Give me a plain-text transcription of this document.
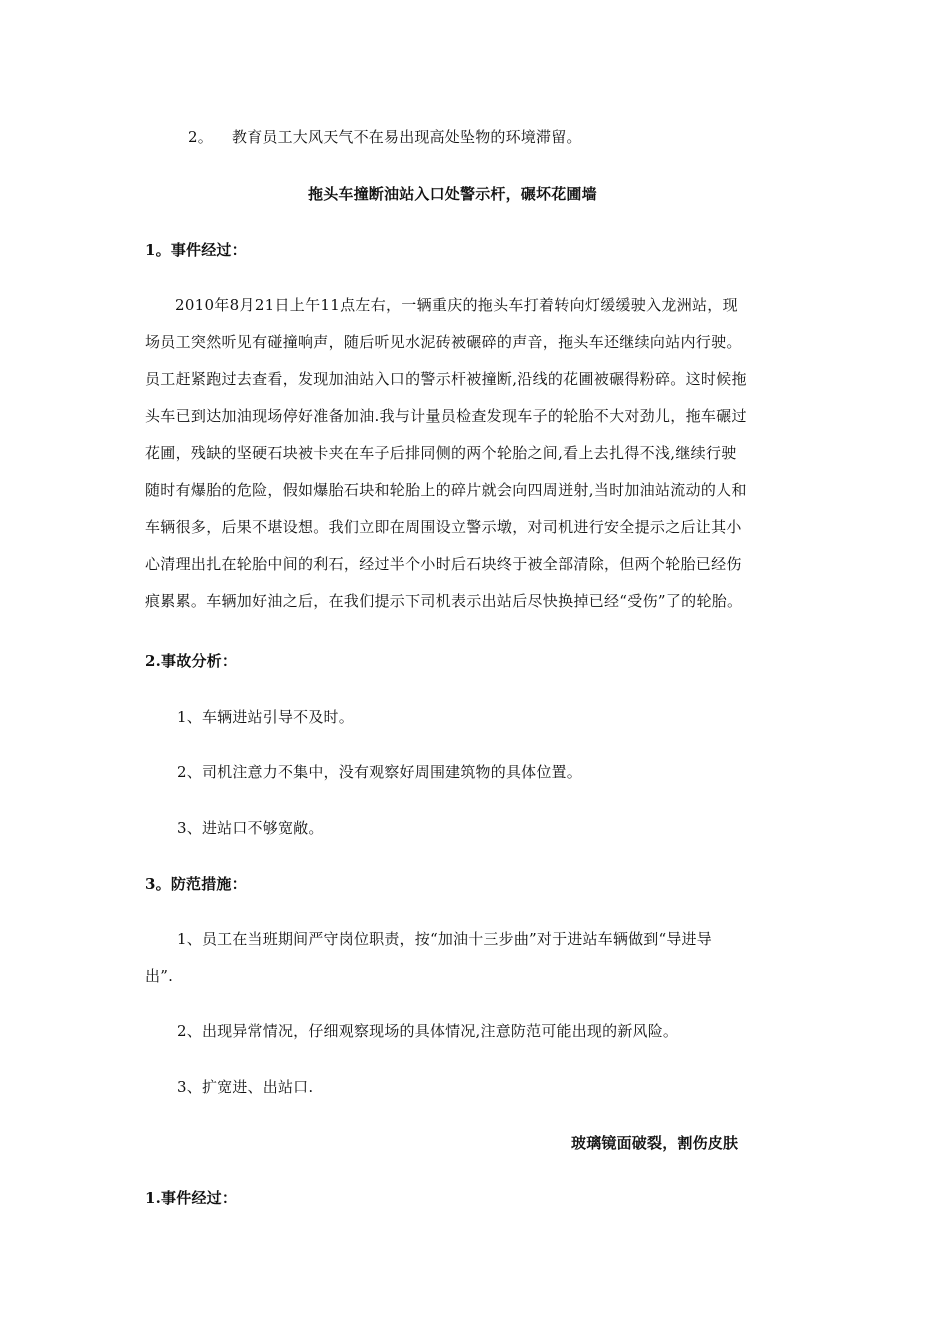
2。 教育员工大风天气不在易出现高处坠物的环境滞留。
拖头车撞断油站入口处警示杆，碾坏花圃墙
1。事件经过：
2010年8月21日上午11点左右，一辆重庆的拖头车打着转向灯缓缓驶入龙洲站，现
场员工突然听见有碰撞响声，随后听见水泥砖被碾碎的声音，拖头车还继续向站内行驶。
员工赶紧跑过去查看，发现加油站入口的警示杆被撞断,沿线的花圃被碾得粉碎。这时候拖
头车已到达加油现场停好准备加油.我与计量员检查发现车子的轮胎不大对劲儿，拖车碾过
花圃，残缺的坚硬石块被卡夹在车子后排同侧的两个轮胎之间,看上去扎得不浅,继续行驶
随时有爆胎的危险，假如爆胎石块和轮胎上的碎片就会向四周迸射,当时加油站流动的人和
车辆很多，后果不堪设想。我们立即在周围设立警示墩，对司机进行安全提示之后让其小
心清理出扎在轮胎中间的利石，经过半个小时后石块终于被全部清除，但两个轮胎已经伤
痕累累。车辆加好油之后，在我们提示下司机表示出站后尽快换掉已经“受伤”了的轮胎。
2.事故分析：
1、车辆进站引导不及时。
2、司机注意力不集中，没有观察好周围建筑物的具体位置。
3、进站口不够宽敞。
3。防范措施：
1、员工在当班期间严守岗位职责，按“加油十三步曲”对于进站车辆做到“导进导
出”.
2、出现异常情况，仔细观察现场的具体情况,注意防范可能出现的新风险。
3、扩宽进、出站口.
玻璃镜面破裂，割伤皮肤
1.事件经过：
